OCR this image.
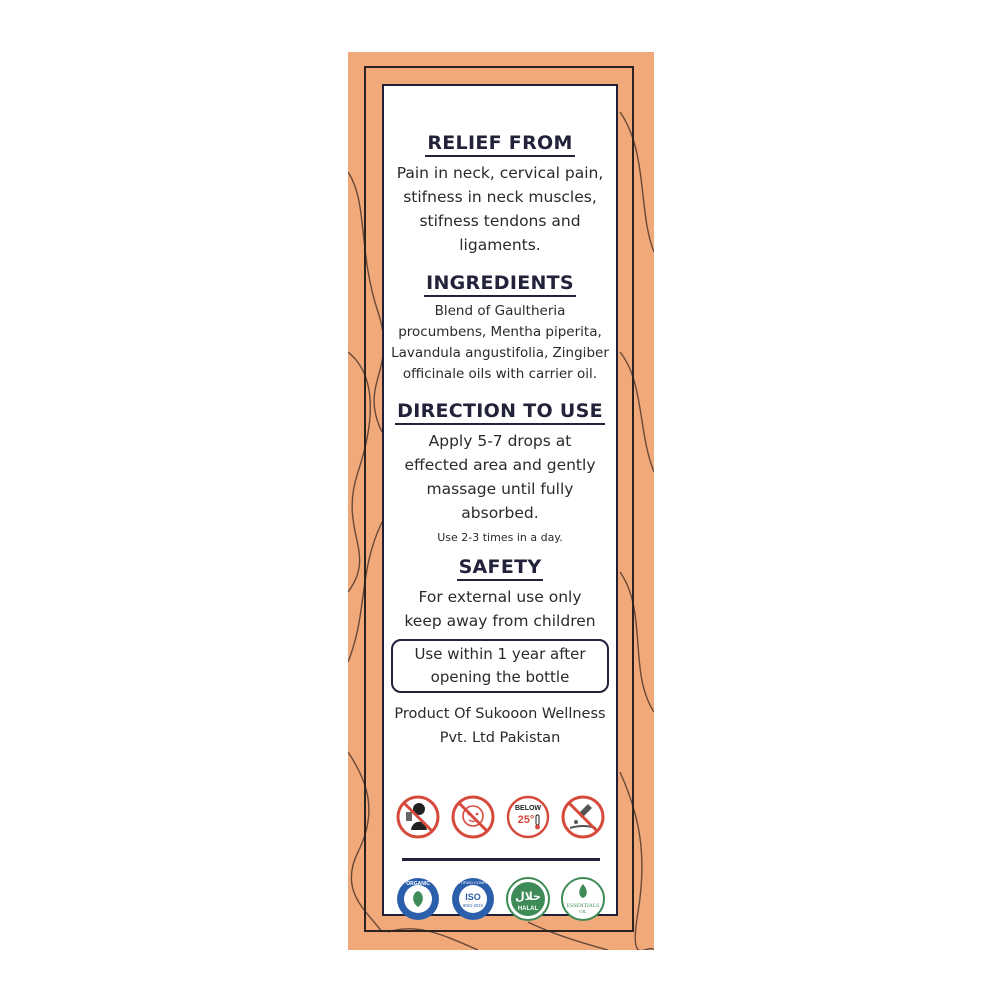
RELIEF FROM
Pain in neck, cervical pain,
stifness in neck muscles,
stifness tendons and
ligaments.
INGREDIENTS
Blend of Gaultheria
procumbens, Mentha piperita,
Lavandula angustifolia, Zingiber
officinale oils with carrier oil.
DIRECTION TO USE
Apply 5-7 drops at
effected area and gently
massage until fully
absorbed.
Use 2-3 times in a day.
SAFETY
For external use only
keep away from children
Use within 1 year after
opening the bottle
Product Of Sukooon Wellness
Pvt. Ltd Pakistan
BELOW
25°
ORGANIC
ISO
9001-2015
CERTIFIED COMPANY
حلال
HALAL	ESSENTIALS
OIL
